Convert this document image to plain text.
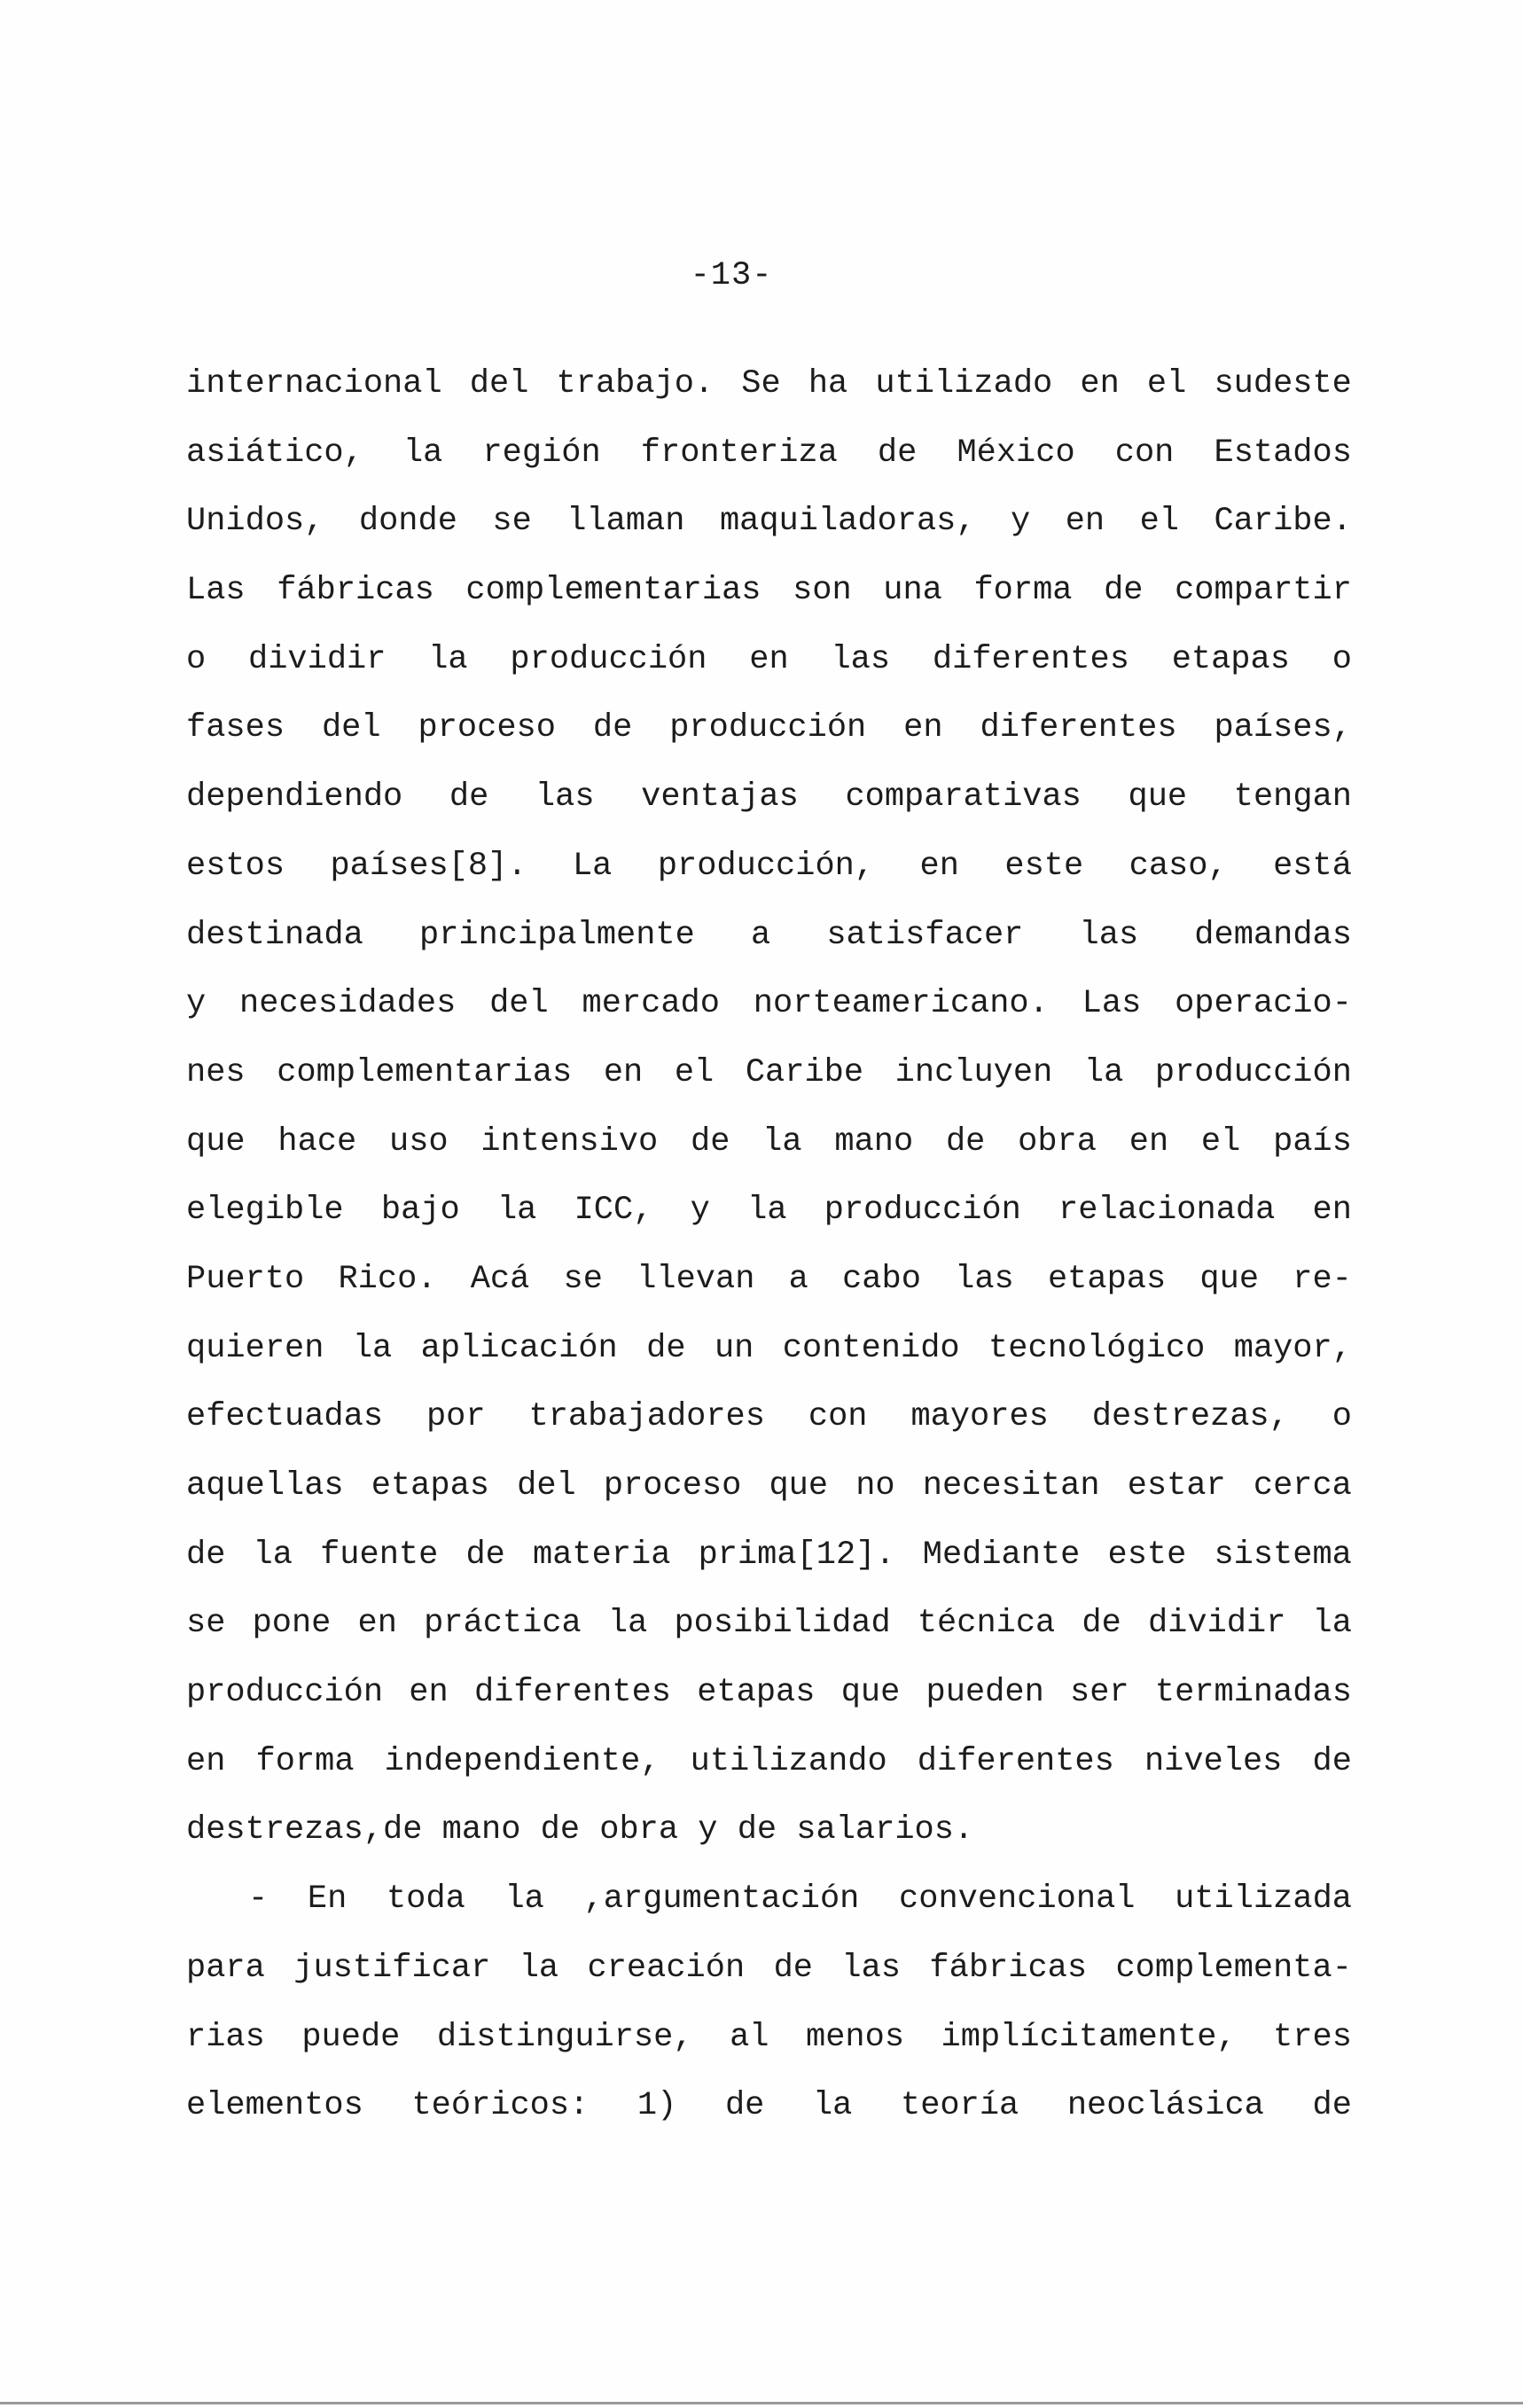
-13-
internacional del trabajo. Se ha utilizado en el sudeste
asiático, la región fronteriza de México con Estados
Unidos, donde se llaman maquiladoras, y en el Caribe.
Las fábricas complementarias son una forma de compartir
o dividir la producción en las diferentes etapas o
fases del proceso de producción en diferentes países,
dependiendo de las ventajas comparativas que tengan
estos países[8]. La producción, en este caso, está
destinada principalmente a satisfacer las demandas
y necesidades del mercado norteamericano. Las operacio-
nes complementarias en el Caribe incluyen la producción
que hace uso intensivo de la mano de obra en el país
elegible bajo la ICC, y la producción relacionada en
Puerto Rico. Acá se llevan a cabo las etapas que re-
quieren la aplicación de un contenido tecnológico mayor,
efectuadas por trabajadores con mayores destrezas, o
aquellas etapas del proceso que no necesitan estar cerca
de la fuente de materia prima[12]. Mediante este sistema
se pone en práctica la posibilidad técnica de dividir la
producción en diferentes etapas que pueden ser terminadas
en forma independiente, utilizando diferentes niveles de
destrezas,de mano de obra y de salarios.
- En toda la ,argumentación convencional utilizada
para justificar la creación de las fábricas complementa-
rias puede distinguirse, al menos implícitamente, tres
elementos teóricos: 1) de la teoría neoclásica de
